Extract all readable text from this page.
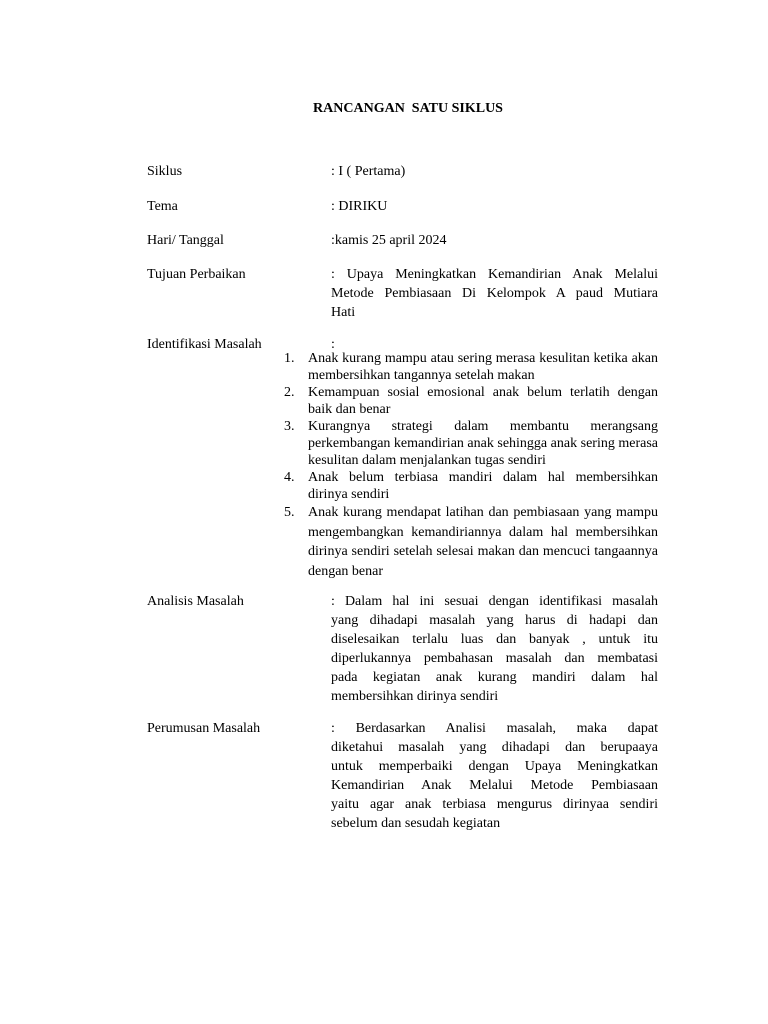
RANCANGAN  SATU SIKLUS
Siklus	: I ( Pertama)
Tema	: DIRIKU
Hari/ Tanggal	:kamis 25 april 2024
Tujuan Perbaikan	: Upaya Meningkatkan Kemandirian Anak Melalui
Metode Pembiasaan Di Kelompok A paud Mutiara
Hati
Identifikasi Masalah	:
1. Anak kurang mampu atau sering merasa kesulitan ketika akan membersihkan tangannya setelah makan
2. Kemampuan sosial emosional anak belum terlatih dengan baik dan benar
3. Kurangnya strategi dalam membantu merangsang perkembangan kemandirian anak sehingga anak sering merasa kesulitan dalam menjalankan tugas sendiri
4. Anak belum terbiasa mandiri dalam hal membersihkan dirinya sendiri
5. Anak kurang mendapat latihan dan pembiasaan yang mampu mengembangkan kemandiriannya dalam hal membersihkan dirinya sendiri setelah selesai makan dan mencuci tangaannya dengan benar
Analisis Masalah	: Dalam hal ini sesuai dengan identifikasi masalah
yang dihadapi masalah yang harus di hadapi dan
diselesaikan terlalu luas dan banyak , untuk itu
diperlukannya pembahasan masalah dan membatasi
pada kegiatan anak kurang mandiri dalam hal
membersihkan dirinya sendiri
Perumusan Masalah	: Berdasarkan Analisi masalah, maka dapat
diketahui masalah yang dihadapi dan berupaaya
untuk memperbaiki dengan Upaya Meningkatkan
Kemandirian Anak Melalui Metode Pembiasaan
yaitu agar anak terbiasa mengurus dirinyaa sendiri
sebelum dan sesudah kegiatan
